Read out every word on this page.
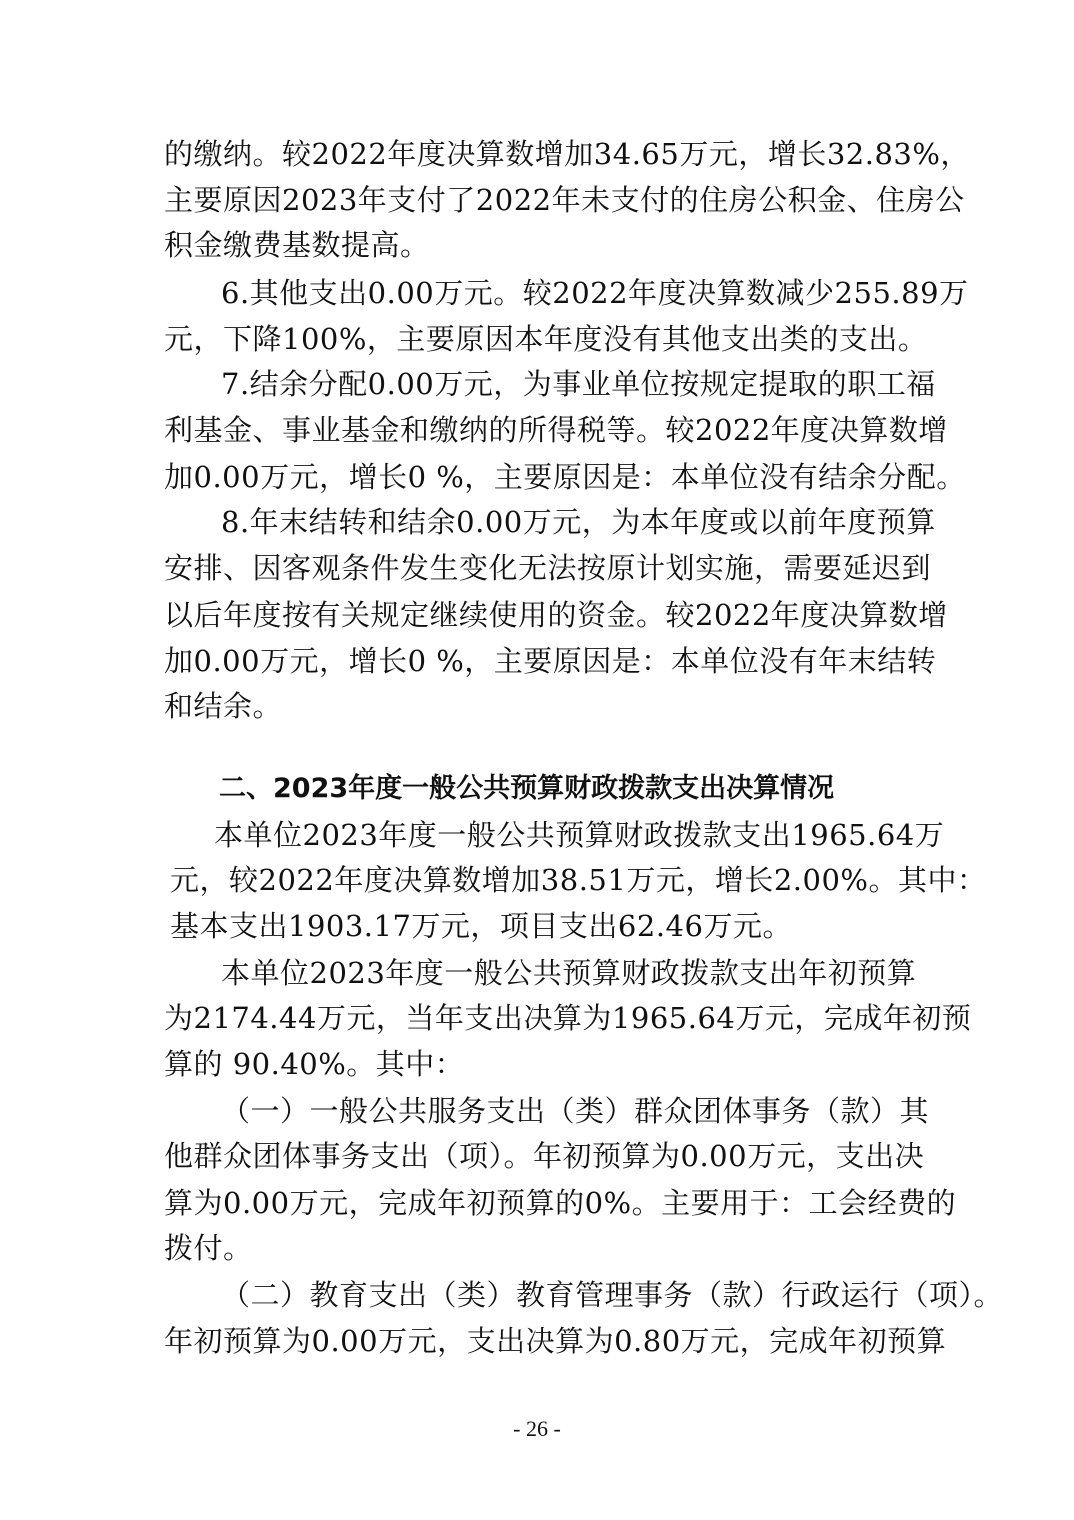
的缴纳。较2022年度决算数增加34.65万元，增长32.83%，
主要原因2023年支付了2022年未支付的住房公积金、住房公
积金缴费基数提高。
6.其他支出0.00万元。较2022年度决算数减少255.89万
元，下降100%，主要原因本年度没有其他支出类的支出。
7.结余分配0.00万元，为事业单位按规定提取的职工福
利基金、事业基金和缴纳的所得税等。较2022年度决算数增
加0.00万元，增长0 %，主要原因是：本单位没有结余分配。
8.年末结转和结余0.00万元，为本年度或以前年度预算
安排、因客观条件发生变化无法按原计划实施，需要延迟到
以后年度按有关规定继续使用的资金。较2022年度决算数增
加0.00万元，增长0 %，主要原因是：本单位没有年末结转
和结余。
二、2023年度一般公共预算财政拨款支出决算情况
本单位2023年度一般公共预算财政拨款支出1965.64万
元，较2022年度决算数增加38.51万元，增长2.00%。其中：
基本支出1903.17万元，项目支出62.46万元。
本单位2023年度一般公共预算财政拨款支出年初预算
为2174.44万元，当年支出决算为1965.64万元，完成年初预
算的 90.40%。其中：
（一）一般公共服务支出（类）群众团体事务（款）其
他群众团体事务支出（项）。年初预算为0.00万元，支出决
算为0.00万元，完成年初预算的0%。主要用于：工会经费的
拨付。
（二）教育支出（类）教育管理事务（款）行政运行（项）。
年初预算为0.00万元，支出决算为0.80万元，完成年初预算
- 26 -
